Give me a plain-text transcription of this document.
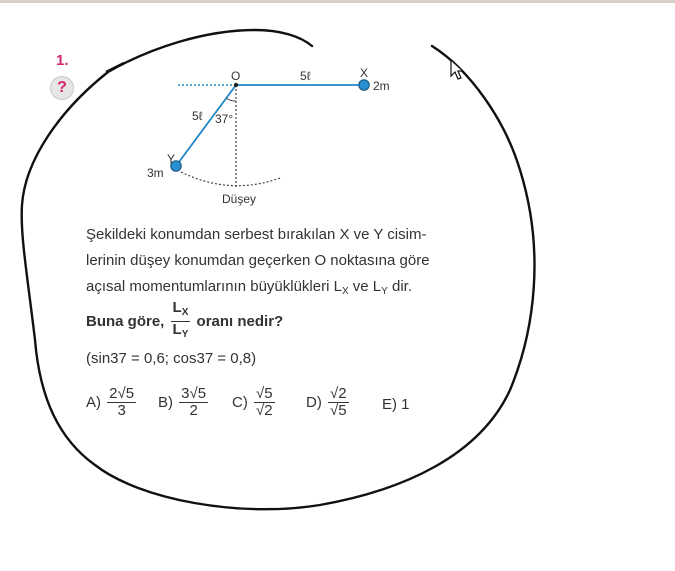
1.
?
O	X
Y
5ℓ
5ℓ 37°
2m
3m
Düşey
Şekildeki konumdan serbest bırakılan X ve Y cisim-
lerinin düşey konumdan geçerken O noktasına göre
açısal momentumlarının büyüklükleri $L_X$ ve $L_Y$ dir.
Buna göre, $\frac{L_X}{L_Y}$ oranı nedir?
(sin37 = 0,6; cos37 = 0,8)
$A) \frac{2√5}{3} B) \frac{3√5}{2} C) \frac{√5}{√2} D) \frac{√2}{√5} E$) 1
